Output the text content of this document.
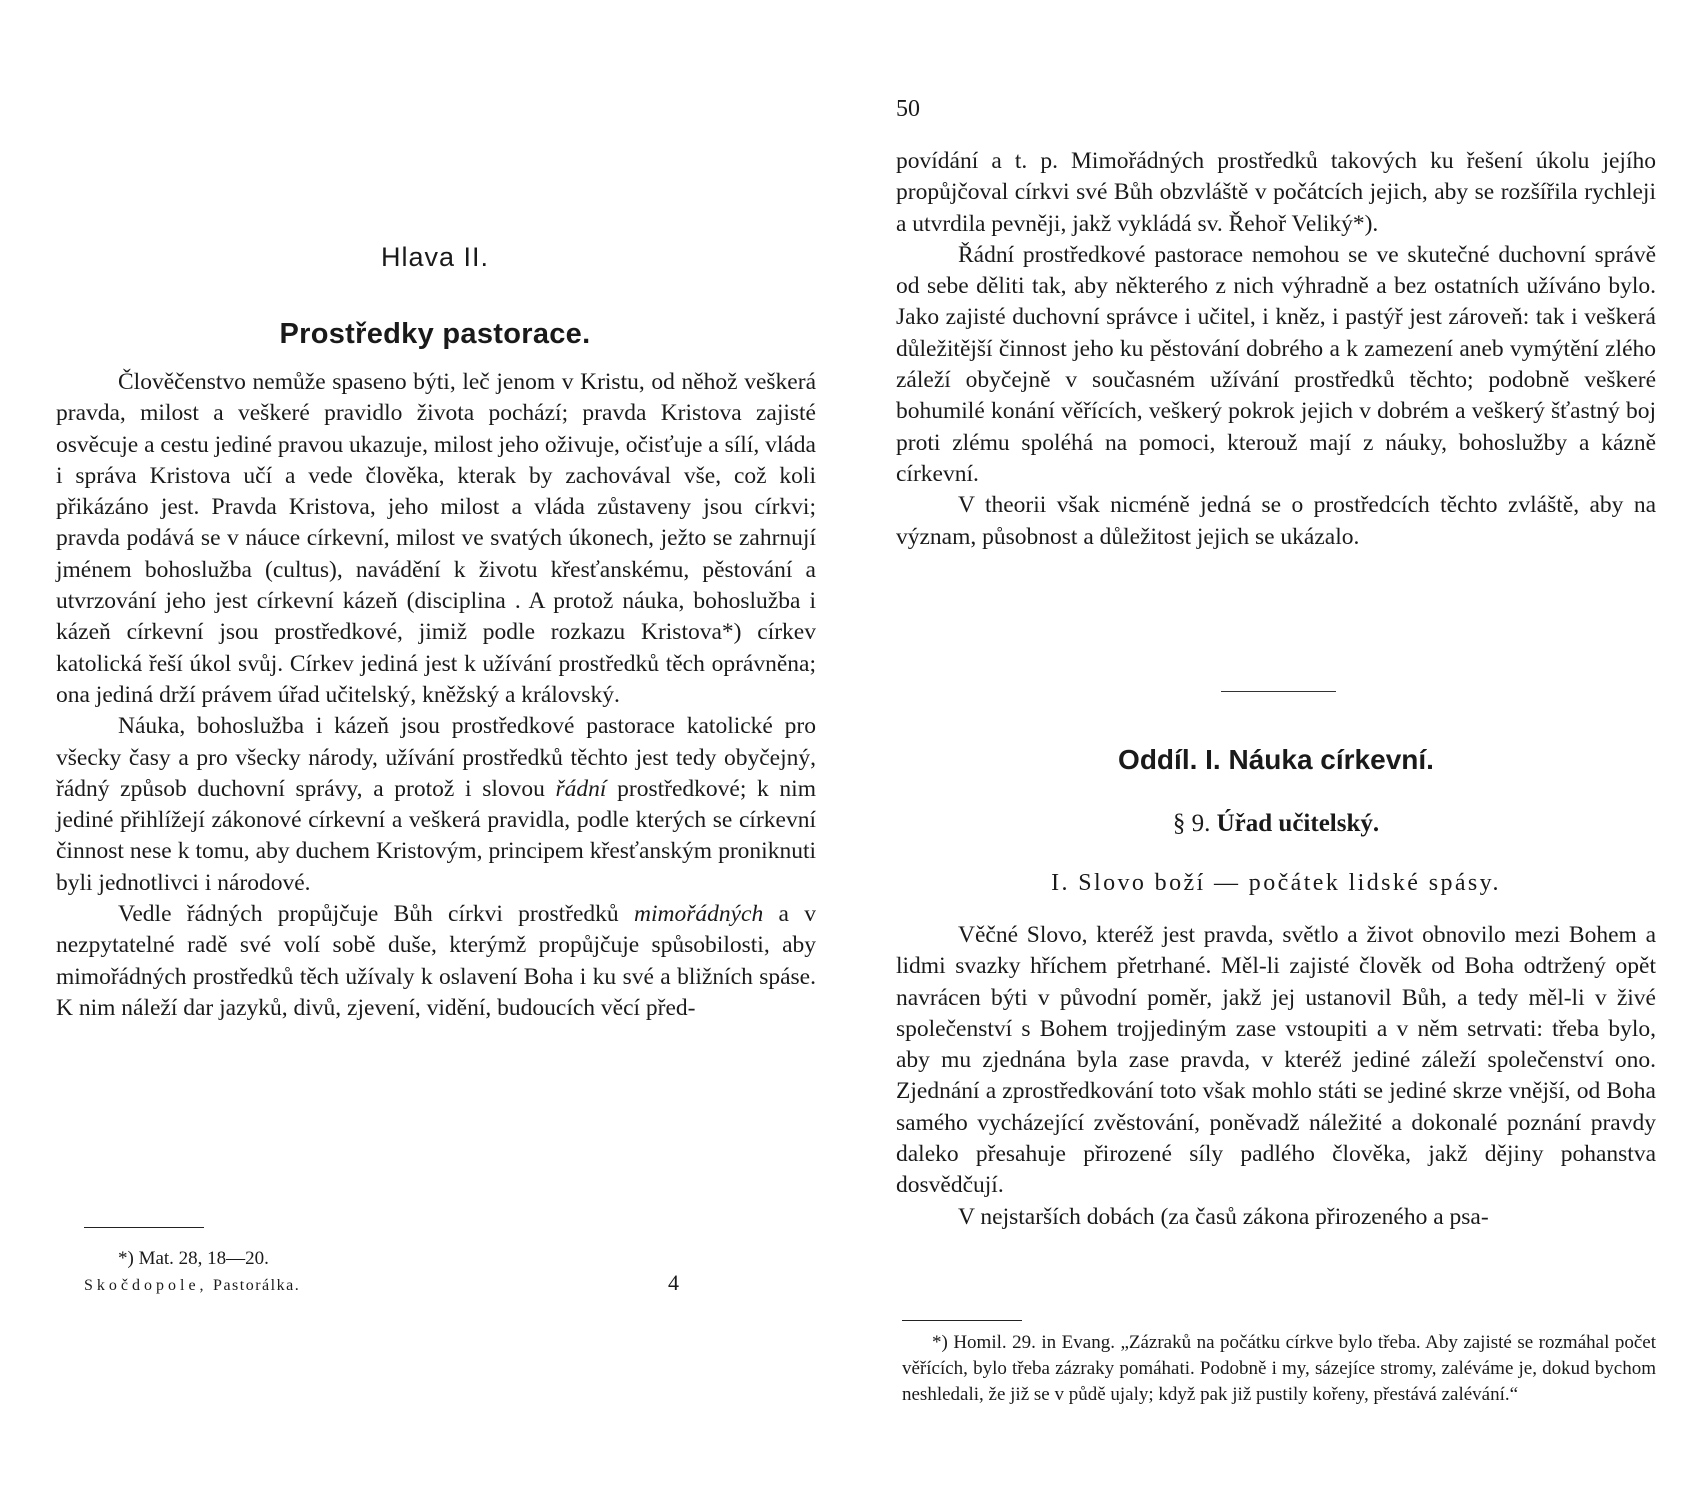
Hlava II.
Prostředky pastorace.

Člověčenstvo nemůže spaseno býti, leč jenom v Kristu, od něhož veškerá pravda, milost a veškeré pravidlo života pochází; pravda Kristova zajisté osvěcuje a cestu jediné pravou ukazuje, milost jeho oživuje, očisťuje a sílí, vláda i správa Kristova učí a vede člověka, kterak by zachovával vše, což koli přikázáno jest. Pravda Kristova, jeho milost a vláda zůstaveny jsou církvi; pravda podává se v náuce církevní, milost ve svatých úkonech, ježto se zahrnují jménem bohoslužba (cultus), navádění k životu křesťanskému, pěstování a utvrzování jeho jest církevní kázeň (disciplina . A protož náuka, bohoslužba i kázeň církevní jsou prostředkové, jimiž podle rozkazu Kristova*) církev katolická řeší úkol svůj. Církev jediná jest k užívání prostředků těch oprávněna; ona jediná drží právem úřad učitelský, kněžský a královský.

Náuka, bohoslužba i kázeň jsou prostředkové pastorace katolické pro všecky časy a pro všecky národy, užívání prostředků těchto jest tedy obyčejný, řádný způsob duchovní správy, a protož i slovou řádní prostředkové; k nim jediné přihlížejí zákonové církevní a veškerá pravidla, podle kterých se církevní činnost nese k tomu, aby duchem Kristovým, principem křesťanským proniknuti byli jednotlivci i národové.

Vedle řádných propůjčuje Bůh církvi prostředků mimořádných a v nezpytatelné radě své volí sobě duše, kterýmž propůjčuje spůsobilosti, aby mimořádných prostředků těch užívaly k oslavení Boha i ku své a bližních spáse. K nim náleží dar jazyků, divů, zjevení, vidění, budoucích věcí před-

*) Mat. 28, 18—20.

Skočdopole, Pastorálka.	4
50

povídání a t. p. Mimořádných prostředků takových ku řešení úkolu jejího propůjčoval církvi své Bůh obzvláště v počátcích jejich, aby se rozšířila rychleji a utvrdila pevněji, jakž vykládá sv. Řehoř Veliký*).

Řádní prostředkové pastorace nemohou se ve skutečné duchovní správě od sebe děliti tak, aby některého z nich výhradně a bez ostatních užíváno bylo. Jako zajisté duchovní správce i učitel, i kněz, i pastýř jest zároveň: tak i veškerá důležitější činnost jeho ku pěstování dobrého a k zamezení aneb vymýtění zlého záleží obyčejně v současném užívání prostředků těchto; podobně veškeré bohumilé konání věřících, veškerý pokrok jejich v dobrém a veškerý šťastný boj proti zlému spoléhá na pomoci, kterouž mají z náuky, bohoslužby a kázně církevní.

V theorii však nicméně jedná se o prostředcích těchto zvláště, aby na význam, působnost a důležitost jejich se ukázalo.

Oddíl. I. Náuka církevní.
§ 9. Úřad učitelský.
I. Slovo boží — počátek lidské spásy.

Věčné Slovo, kteréž jest pravda, světlo a život obnovilo mezi Bohem a lidmi svazky hříchem přetrhané. Měl-li zajisté člověk od Boha odtržený opět navrácen býti v původní poměr, jakž jej ustanovil Bůh, a tedy měl-li v živé společenství s Bohem trojjediným zase vstoupiti a v něm setrvati: třeba bylo, aby mu zjednána byla zase pravda, v kteréž jediné záleží společenství ono. Zjednání a zprostředkování toto však mohlo státi se jediné skrze vnější, od Boha samého vycházející zvěstování, poněvadž náležité a dokonalé poznání pravdy daleko přesahuje přirozené síly padlého člověka, jakž dějiny pohanstva dosvědčují.

V nejstarších dobách (za časů zákona přirozeného a psa-

*) Homil. 29. in Evang. „Zázraků na počátku církve bylo třeba. Aby zajisté se rozmáhal počet věřících, bylo třeba zázraky pomáhati. Podobně i my, sázejíce stromy, zaléváme je, dokud bychom neshledali, že již se v půdě ujaly; když pak již pustily kořeny, přestává zalévání.“
